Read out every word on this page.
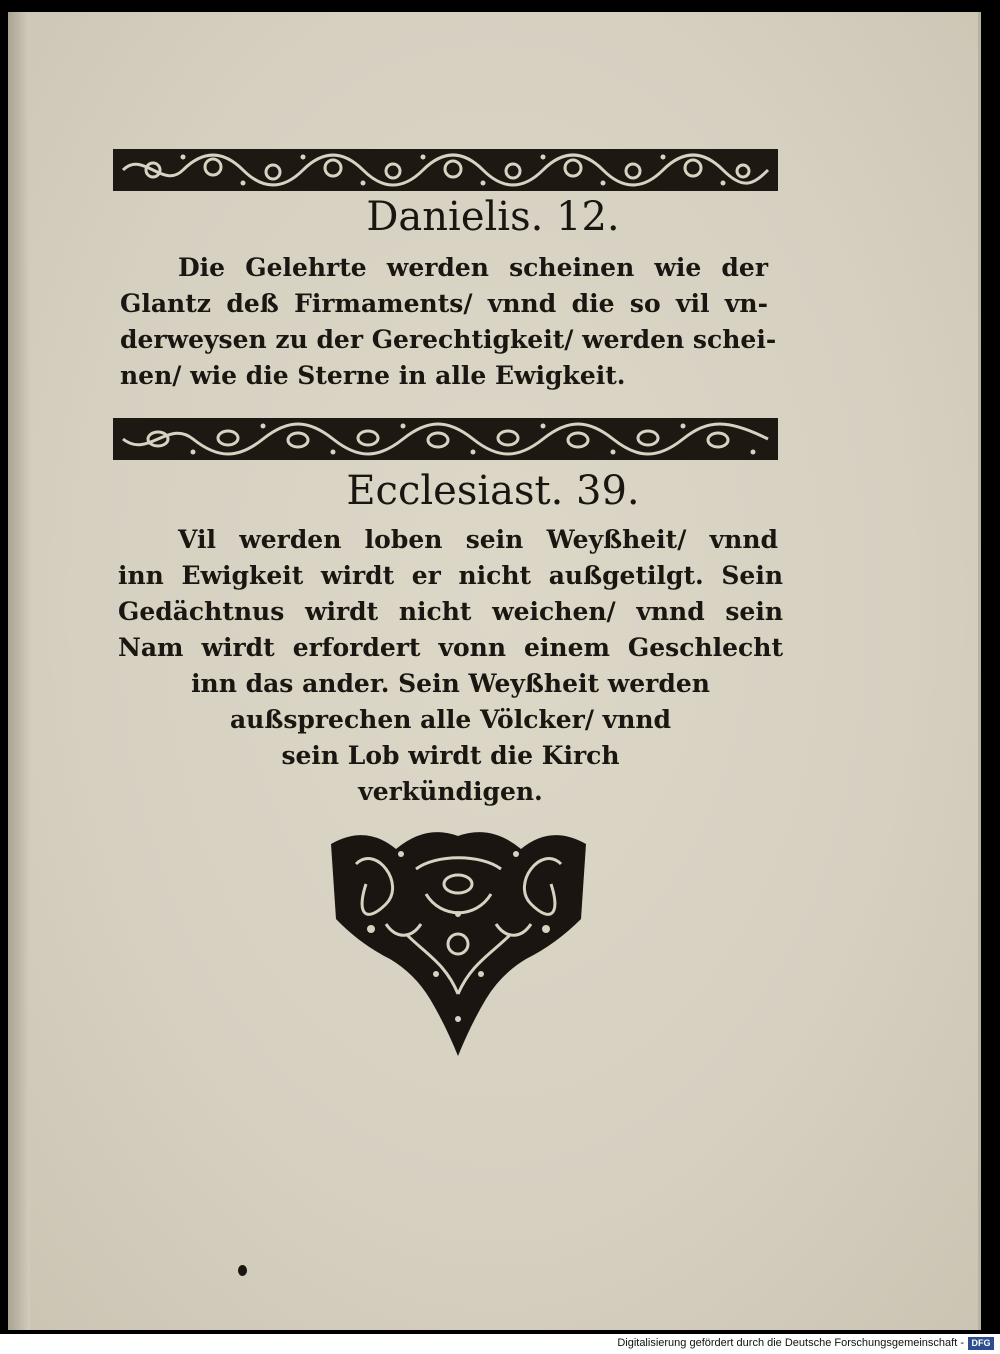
Danielis. 12.
Die Gelehrte werden scheinen wie der
Glantz deß Firmaments/ vnnd die so vil vn-
derweysen zu der Gerechtigkeit/ werden schei-
nen/ wie die Sterne in alle Ewigkeit.
Ecclesiast. 39.
Vil werden loben sein Weyßheit/ vnnd
inn Ewigkeit wirdt er nicht außgetilgt. Sein
Gedächtnus wirdt nicht weichen/ vnnd sein
Nam wirdt erfordert vonn einem Geschlecht
inn das ander. Sein Weyßheit werden
außsprechen alle Völcker/ vnnd
sein Lob wirdt die Kirch
verkündigen.
Digitalisierung gefördert durch die Deutsche Forschungsgemeinschaft - DFG
